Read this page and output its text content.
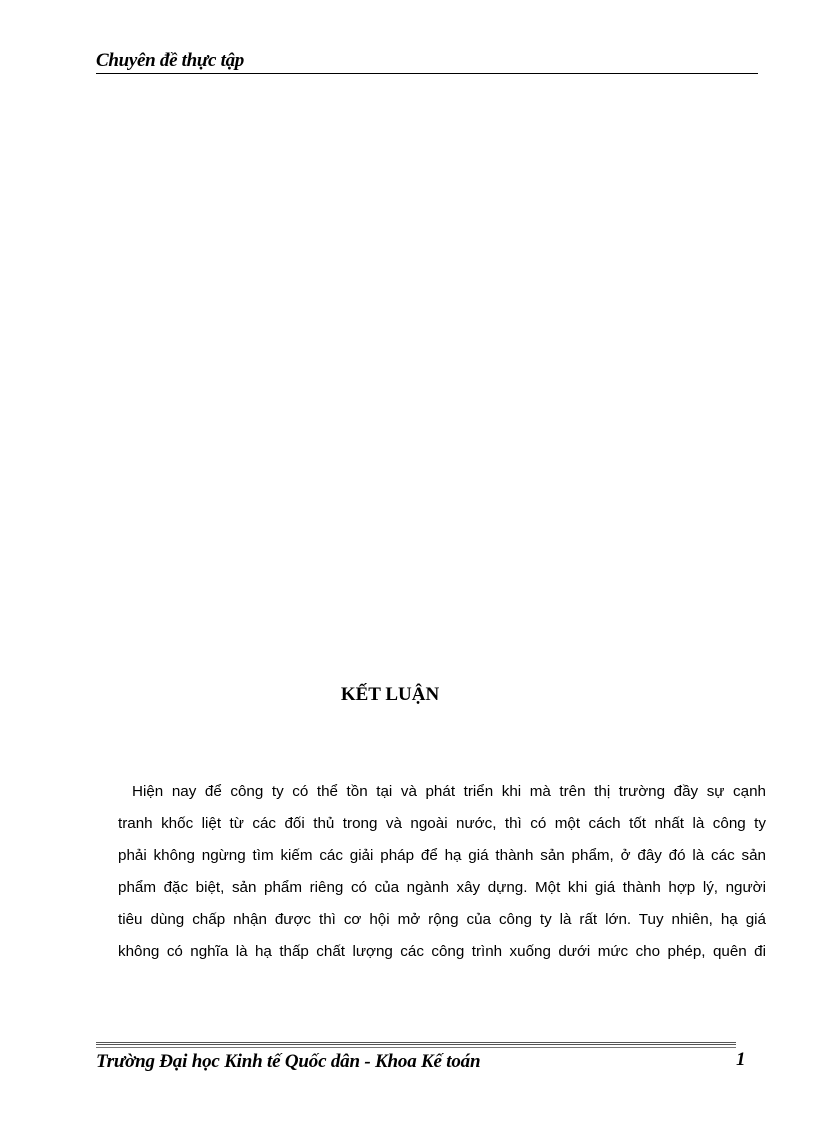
Chuyên đề thực tập
KẾT LUẬN
Hiện nay để công ty có thể tồn tại và phát triển khi mà trên thị trường đầy sự cạnh
tranh khốc liệt từ các đối thủ trong và ngoài nước, thì có một cách tốt nhất là công ty
phải không ngừng tìm kiếm các giải pháp để hạ giá thành sản phẩm, ở đây đó là các sản
phẩm đặc biệt, sản phẩm riêng có của ngành xây dựng. Một khi giá thành hợp lý, người
tiêu dùng chấp nhận được thì cơ hội mở rộng của công ty là rất lớn. Tuy nhiên, hạ giá
không có nghĩa là hạ thấp chất lượng các công trình xuống dưới mức cho phép, quên đi
Trường Đại học Kinh tế Quốc dân - Khoa Kế toán	1
